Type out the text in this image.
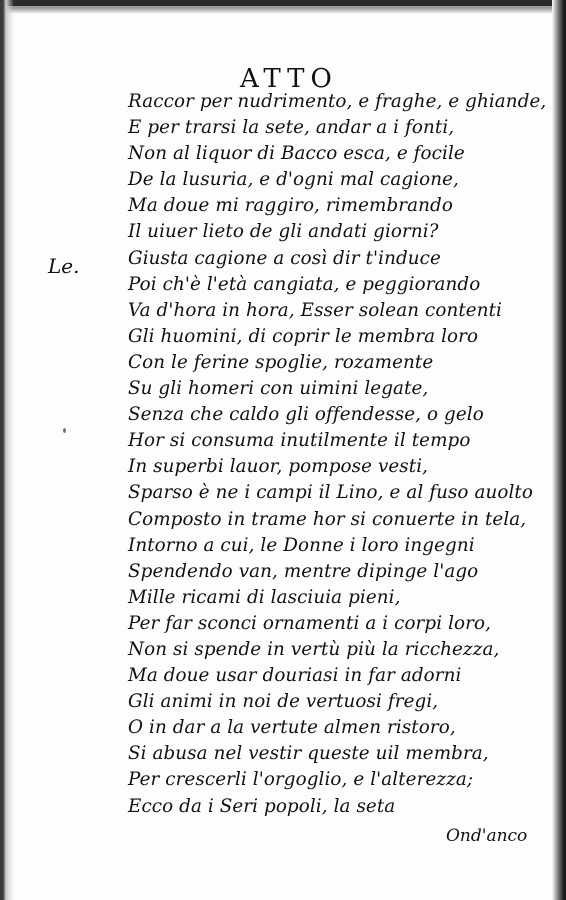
ATTO
Le.
Raccor per nudrimento, e fraghe, e ghiande,
E per trarsi la sete, andar a i fonti,
Non al liquor di Bacco esca, e focile
De la lusuria, e d'ogni mal cagione,
Ma doue mi raggiro, rimembrando
Il uiuer lieto de gli andati giorni?
Giusta cagione a così dir t'induce
Poi ch'è l'età cangiata, e peggiorando
Va d'hora in hora, Esser solean contenti
Gli huomini, di coprir le membra loro
Con le ferine spoglie, rozamente
Su gli homeri con uimini legate,
Senza che caldo gli offendesse, o gelo
Hor si consuma inutilmente il tempo
In superbi lauor, pompose vesti,
Sparso è ne i campi il Lino, e al fuso auolto
Composto in trame hor si conuerte in tela,
Intorno a cui, le Donne i loro ingegni
Spendendo van, mentre dipinge l'ago
Mille ricami di lasciuia pieni,
Per far sconci ornamenti a i corpi loro,
Non si spende in vertù più la ricchezza,
Ma doue usar douriasi in far adorni
Gli animi in noi de vertuosi fregi,
O in dar a la vertute almen ristoro,
Si abusa nel vestir queste uil membra,
Per crescerli l'orgoglio, e l'alterezza;
Ecco da i Seri popoli, la seta
Ond'anco
